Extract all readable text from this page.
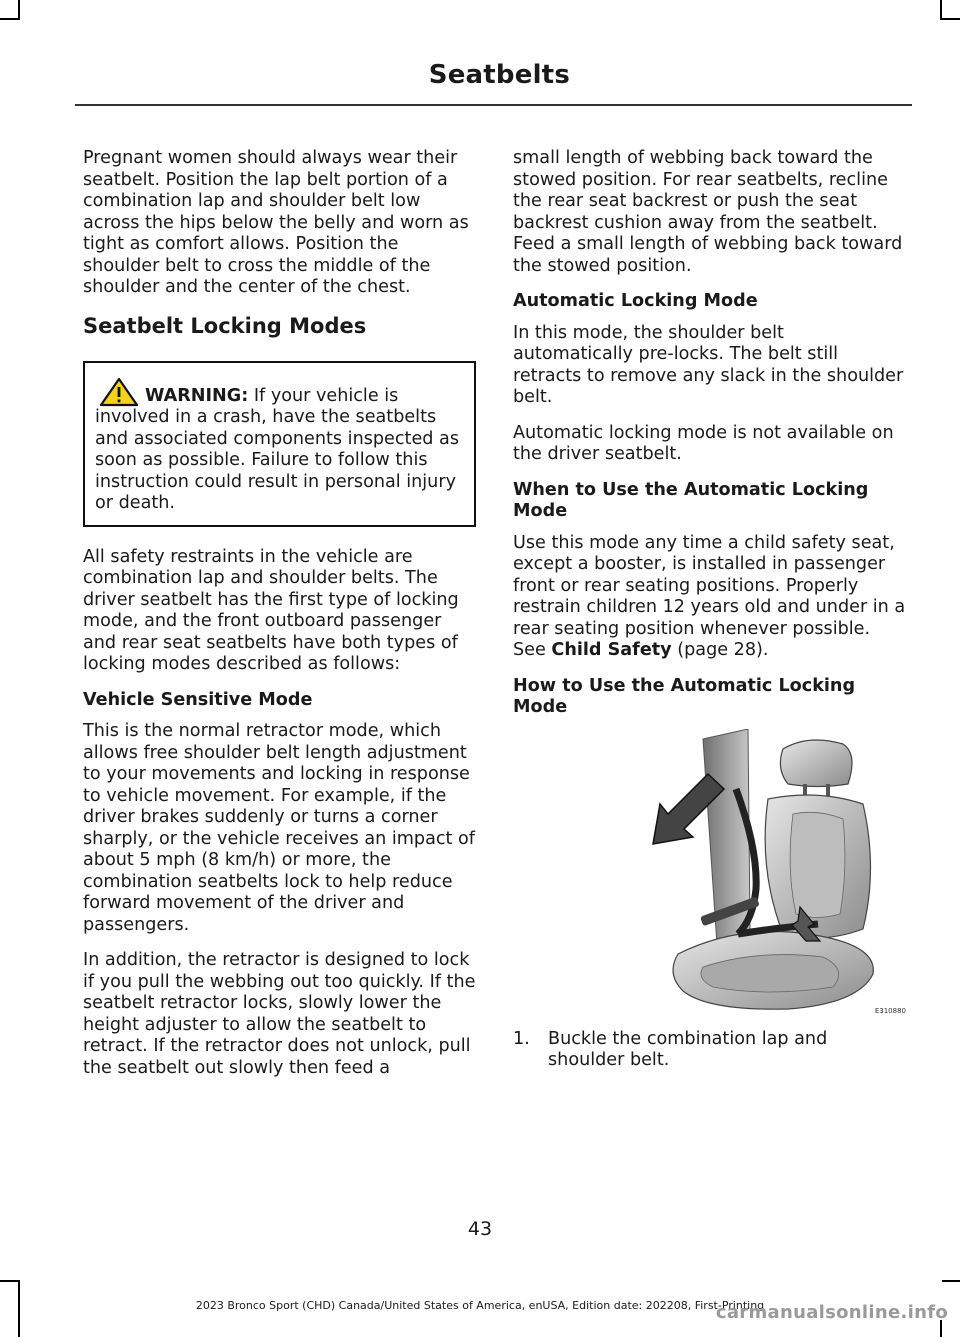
Seatbelts

Pregnant women should always wear their seatbelt. Position the lap belt portion of a combination lap and shoulder belt low across the hips below the belly and worn as tight as comfort allows. Position the shoulder belt to cross the middle of the shoulder and the center of the chest.

Seatbelt Locking Modes

WARNING: If your vehicle is involved in a crash, have the seatbelts and associated components inspected as soon as possible. Failure to follow this instruction could result in personal injury or death.

All safety restraints in the vehicle are combination lap and shoulder belts. The driver seatbelt has the first type of locking mode, and the front outboard passenger and rear seat seatbelts have both types of locking modes described as follows:

Vehicle Sensitive Mode

This is the normal retractor mode, which allows free shoulder belt length adjustment to your movements and locking in response to vehicle movement. For example, if the driver brakes suddenly or turns a corner sharply, or the vehicle receives an impact of about 5 mph (8 km/h) or more, the combination seatbelts lock to help reduce forward movement of the driver and passengers.

In addition, the retractor is designed to lock if you pull the webbing out too quickly. If the seatbelt retractor locks, slowly lower the height adjuster to allow the seatbelt to retract. If the retractor does not unlock, pull the seatbelt out slowly then feed a

small length of webbing back toward the stowed position. For rear seatbelts, recline the rear seat backrest or push the seat backrest cushion away from the seatbelt. Feed a small length of webbing back toward the stowed position.

Automatic Locking Mode

In this mode, the shoulder belt automatically pre-locks. The belt still retracts to remove any slack in the shoulder belt.

Automatic locking mode is not available on the driver seatbelt.

When to Use the Automatic Locking Mode

Use this mode any time a child safety seat, except a booster, is installed in passenger front or rear seating positions. Properly restrain children 12 years old and under in a rear seating position whenever possible. See Child Safety (page 28).

How to Use the Automatic Locking Mode
E310880
1.	Buckle the combination lap and shoulder belt.
43
2023 Bronco Sport (CHD) Canada/United States of America, enUSA, Edition date: 202208, First-Printing
carmanualsonline.info
